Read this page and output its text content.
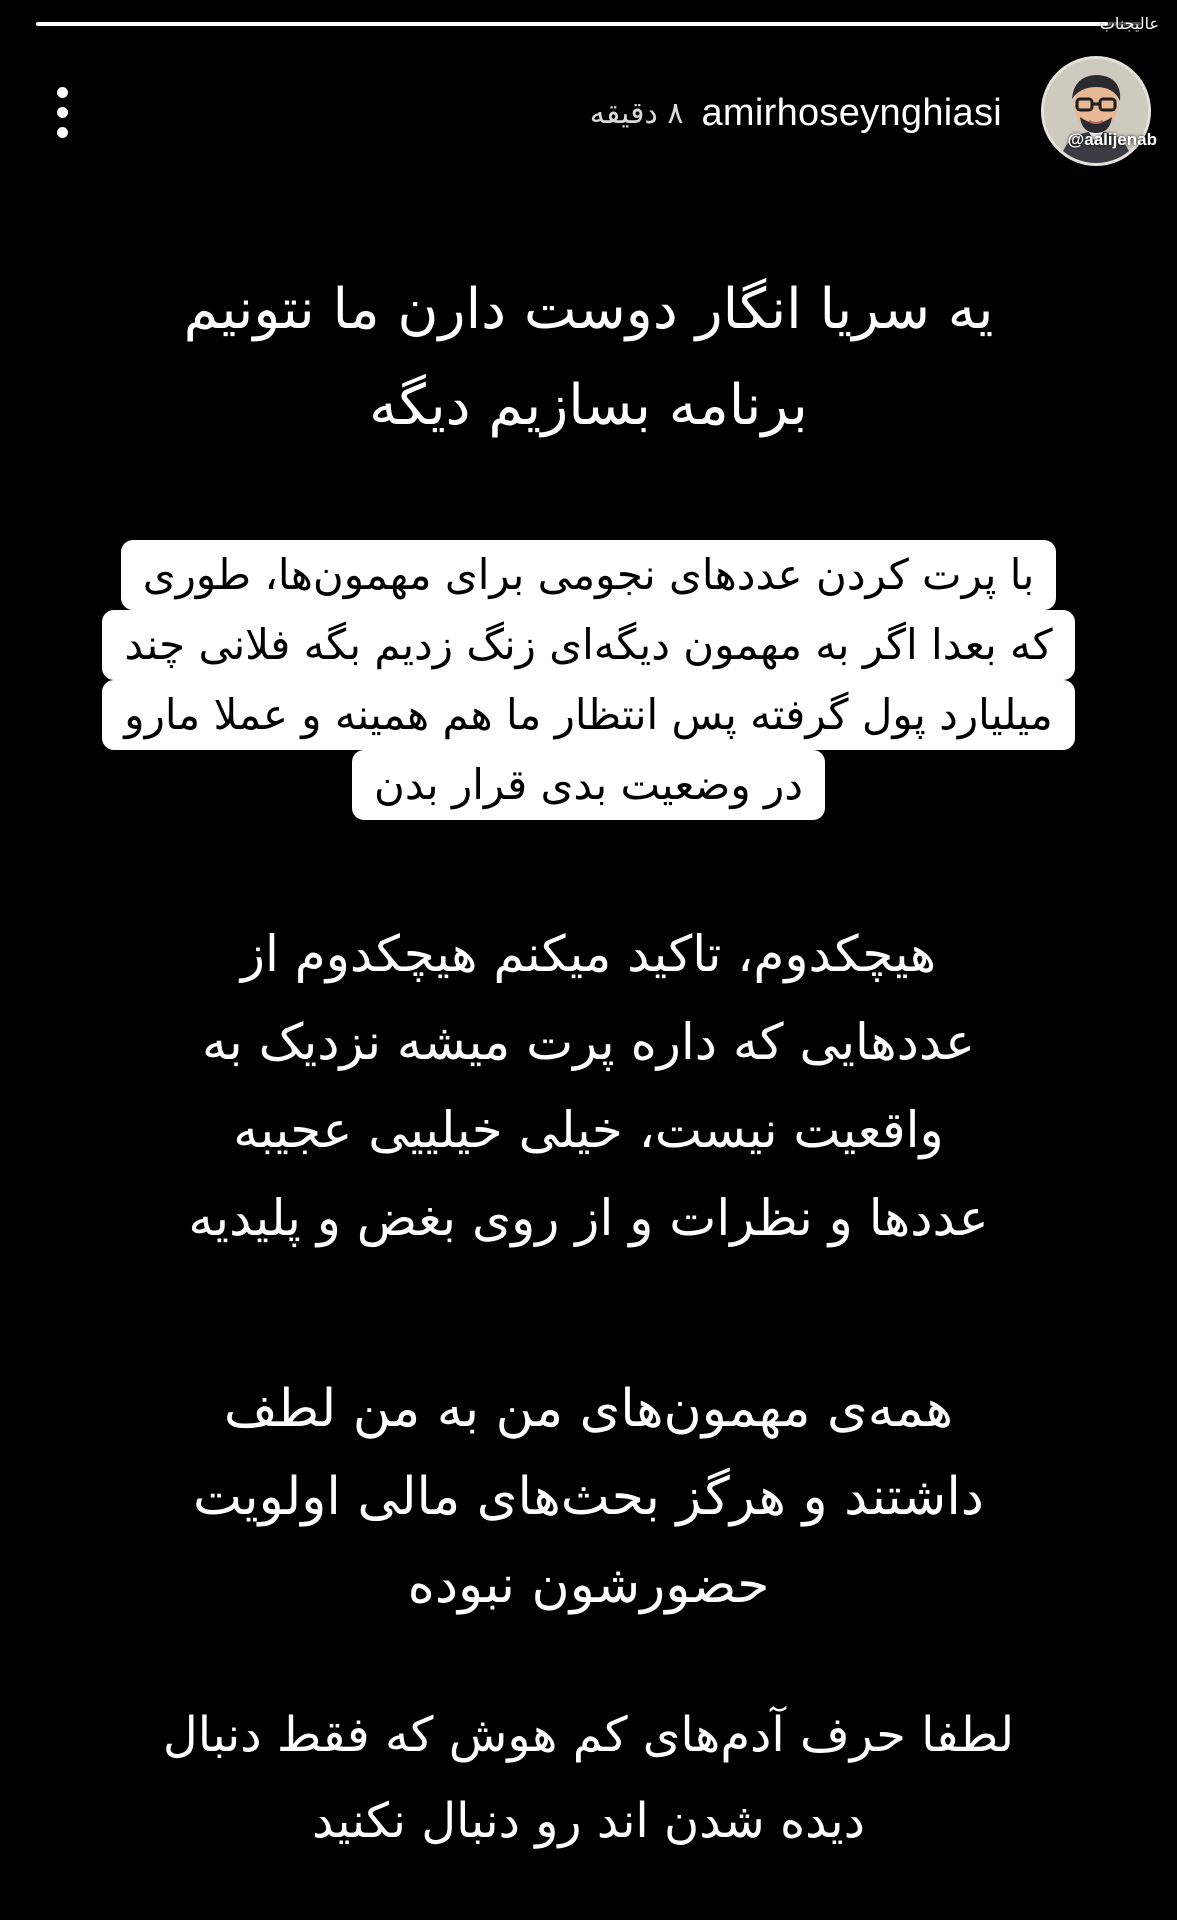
۸ دقیقه amirhoseynghiasi
عالیجناب
@aalijenab
یه سریا انگار دوست دارن ما نتونیم
برنامه بسازیم دیگه
با پرت کردن عددهای نجومی برای مهمون‌ها، طوری
که بعدا اگر به مهمون دیگه‌ای زنگ زدیم بگه فلانی چند
میلیارد پول گرفته پس انتظار ما هم همینه و عملا مارو
در وضعیت بدی قرار بدن
هیچکدوم، تاکید میکنم هیچکدوم از
عددهایی که داره پرت میشه نزدیک به
واقعیت نیست، خیلی خیلییی عجیبه
عددها و نظرات و از روی بغض و پلیدیه
همه‌ی مهمون‌های من به من لطف
داشتند و هرگز بحث‌های مالی اولویت
حضورشون نبوده
لطفا حرف آدم‌های کم هوش که فقط دنبال
دیده شدن اند رو دنبال نکنید
